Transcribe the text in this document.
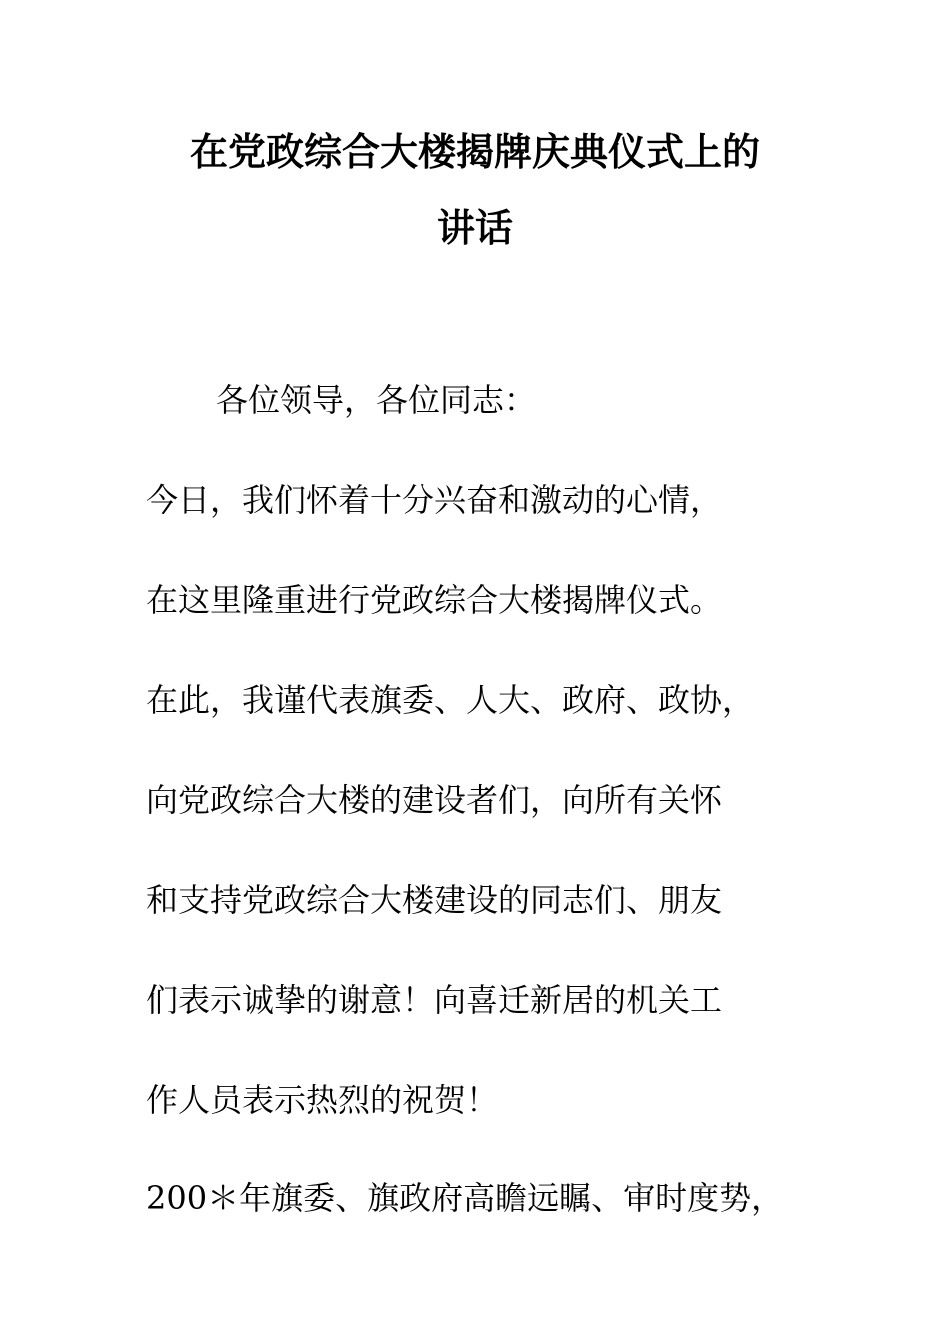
在党政综合大楼揭牌庆典仪式上的
讲话
各位领导，各位同志：
今日，我们怀着十分兴奋和激动的心情，
在这里隆重进行党政综合大楼揭牌仪式。
在此，我谨代表旗委、人大、政府、政协，
向党政综合大楼的建设者们，向所有关怀
和支持党政综合大楼建设的同志们、朋友
们表示诚挚的谢意！向喜迁新居的机关工
作人员表示热烈的祝贺！
200＊年旗委、旗政府高瞻远瞩、审时度势，
